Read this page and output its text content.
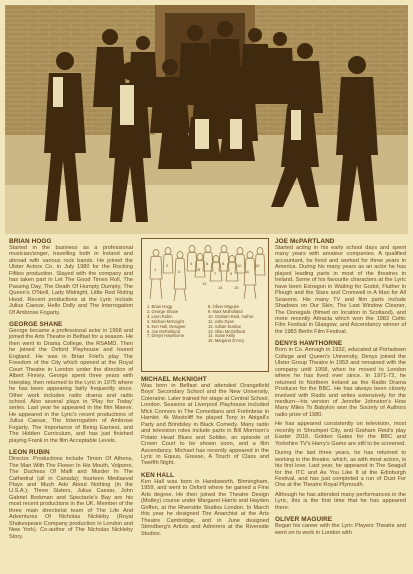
BRIAN HOGG

Started in the business as a professional musician/singer, travelling both in Ireland and abroad with various rock bands. He joined the Ulster Actors Co. in July 1980 for the Rocking Fifties production. Stayed with the company and has taken part in Let The Good Times Roll, The Passing Day, The Death Of Humpty Dumpty, The Queen's O'Neill, Lady Midnight, Little Red Riding Hood. Recent productions at the Lyric include Julius Caesar, Hello Dolly and The Interrogation Of Ambrose Fogarty.

GEORGE SHANE

George became a professional actor in 1968 and joined the Arts Theatre in Belfast for a season. He then went to Drama College, the RSAMD. Then he joined the Oxford Playhouse and toured England. He was in Brian Friel's play The Freedom of the City which opened at the Royal Court Theatre in London under the direction of Albert Finney. George spent three years with Interplay, then returned to the Lyric in 1975 where he has been appearing fairly frequently since. Other work includes radio drama and radio school. Also several plays in 'Play for Today' series. Last year he appeared in the film Maeve. He appeared in the Lyric's recent productions of Julius Caesar, The Interrogation of Ambrose Fogarty, The Importance of Being Earnest, and The Hidden Curriculum, and has just finished playing Frank in the film Acceptable Levels.

LEON RUBIN

Director. Productions include Timon Of Athens, The Man With The Flower In His Mouth, Volpone, The Duchess Of Malfi and Murder In The Cathedral (all in Canada); fourteen Mediaeval Plays and Much Ado About Nothing (in the U.S.A.); Three Sisters, Julius Caesar, John Gabriel Borkman and Spectacle's Bay are his most recent productions in the UK. Member of the three main directorial team of The Life And Adventures Of Nicholas Nickleby (Royal Shakespeare Company production in London and New York). Co-author of The Nicholas Nickleby Story.

1
2
3
4
5
6
7
8
9
10
11
12
13
14	15
1. Brian Hogg
2. George Shane
3. Leon Rubin
4. Michael McKnight
5. Ken Hall, Designer
6. Joe McPartland
7. Denys Hawthorne
8. Oliver Maguire
9. Mark Mulholland
10. Graham Reid, Author
11. John Dyas
12. Adrian Dunbar
13. Allan McClelland
14. Susie Kelly
15. Margaret D'Arcy
MICHAEL McKNIGHT

Was born in Belfast and attended Orangefield Boys' Secondary School and the New University, Coleraine. Later trained for stage at Central School, London. Seasons at Liverpool Playhouse included Mick Connors in The Comedians and Fortinbras in Hamlet. At Westcliff he played Tony in Abigail's Party and Brindsley in Black Comedy. Many radio and television roles include parts in Bill Morrison's Potato Head Blues and Soldier, an episode of Crown Court to be shown soon, and a film Ascendancy. Michael has recently appeared in the Lyric in Equus, Grease, A Touch of Class and Twelfth Night.

KEN HALL

Ken Hall was born in Handsworth, Birmingham, 1959, and went to Oxford where he gained a Fine Arts degree. He then joined the Theatre Design (Motley) course under Margaret Harris and Hayden Griffen, at the Riverside Studios London. In March this year he designed The Anarchist at the Arts Theatre Cambridge, and in June designed Strindberg's Artists and Admirers at the Riverside Studios.

JOE McPARTLAND

Started acting in his early school days and spent many years with amateur companies. A qualified accountant, he lived and worked for three years in America. During his many years as an actor he has played leading parts in most of the theatres in Ireland. Some of his favourite characters at the Lyric have been Estragon in Waiting for Godot, Fluther in Plough and the Stars and Cromwell in A Man for All Seasons. His many TV and film parts include Shadows on Our Skin, The Last Window Cleaner, The Donegals (filmed on location in Scotland), and more recently Attracta which won the 1983 Celtic Film Festival in Glasgow, and Ascendancy winner of the 1983 Berlin Film Festival.

DENYS HAWTHORNE

Born in Co. Armagh in 1932, educated at Portadown College and Queen's University, Denys joined the Ulster Group Theatre in 1953 and remained with the company until 1958, when he moved to London where he has lived ever since. In 1971-72, he returned to Northern Ireland as the Radio Drama Producer for the BBC. He has always been closely involved with Radio and writes extensively for the medium—his version of Jennifer Johnston's How Many Miles To Babylon won the Society of Authors radio prize of 1980.

He has appeared consistently on television, most recently in Shrumpet City, and Graham Reid's play Easter 2016. Golden Gates for the BBC and Yorkshire TV's Harry's Game are still to be screened.

During the last three years, he has returned to working in the theatre, which, as with most actors, is his first love. Last year, he appeared in The Seagull for the ITC and As You Like It at the Edinburgh Festival, and has just completed a run of Dust For One at the Theatre Royal Plymouth.

Although he has attended many performances in the Lyric, this is the first time that he has appeared there.

OLIVER MAGUIRE

Began his career with the Lyric Players Theatre and went on to work in London with
